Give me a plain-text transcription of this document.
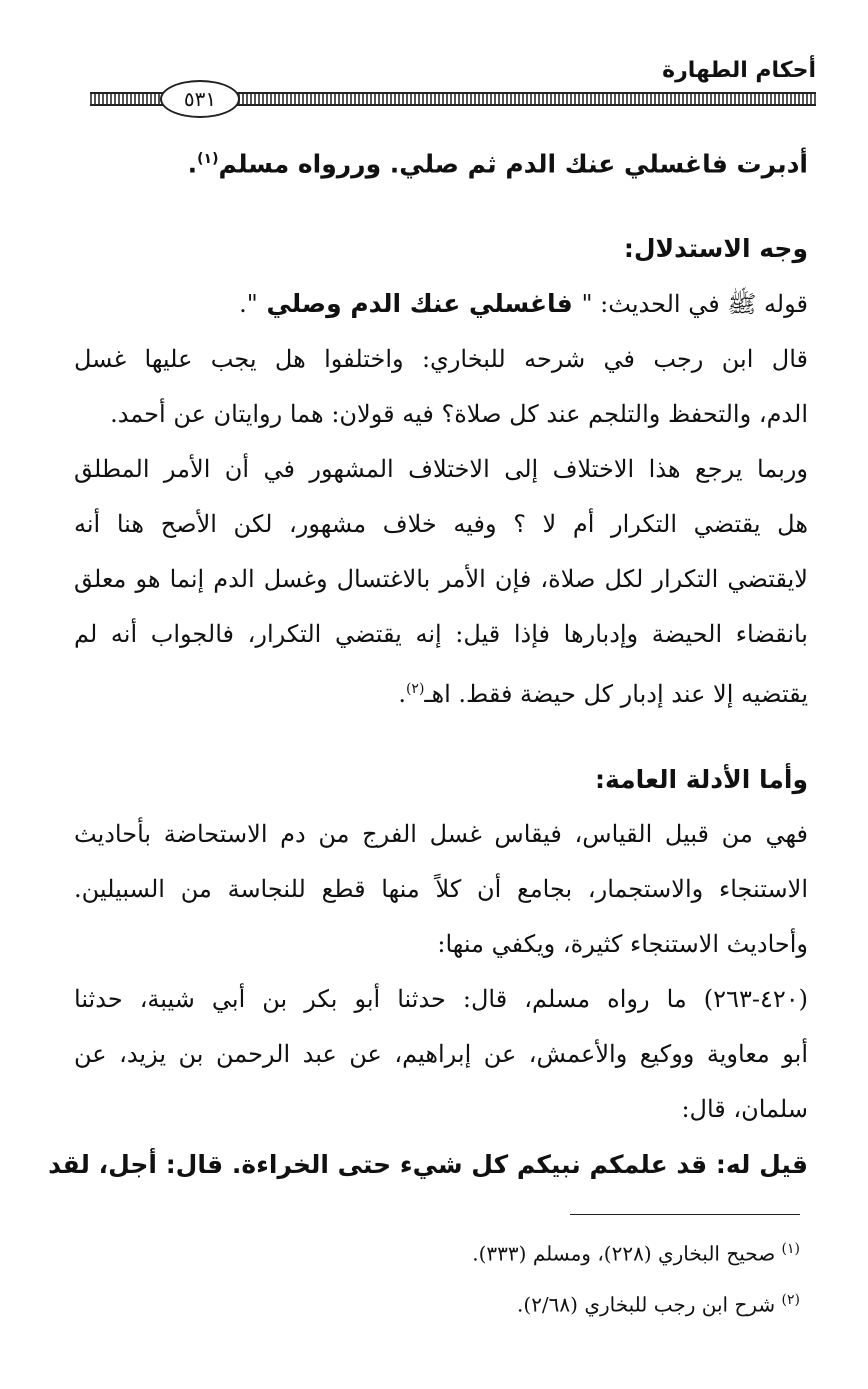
أحكام الطهارة
٥٣١
أدبرت فاغسلي عنك الدم ثم صلي. وررواه مسلم$^{(١)}$.
وجه الاستدلال:
قوله ﷺ في الحديث: " فاغسلي عنك الدم وصلي ".
قال ابن رجب في شرحه للبخاري: واختلفوا هل يجب عليها غسل
الدم، والتحفظ والتلجم عند كل صلاة؟ فيه قولان: هما روايتان عن أحمد.
وربما يرجع هذا الاختلاف إلى الاختلاف المشهور في أن الأمر المطلق
هل يقتضي التكرار أم لا ؟ وفيه خلاف مشهور، لكن الأصح هنا أنه
لايقتضي التكرار لكل صلاة، فإن الأمر بالاغتسال وغسل الدم إنما هو معلق
بانقضاء الحيضة وإدبارها فإذا قيل: إنه يقتضي التكرار، فالجواب أنه لم
يقتضيه إلا عند إدبار كل حيضة فقط. اهـ$^{(٢)}$.
وأما الأدلة العامة:
فهي من قبيل القياس، فيقاس غسل الفرج من دم الاستحاضة بأحاديث
الاستنجاء والاستجمار، بجامع أن كلاً منها قطع للنجاسة من السبيلين.
وأحاديث الاستنجاء كثيرة، ويكفي منها:
(٤٢٠-٢٦٣) ما رواه مسلم، قال: حدثنا أبو بكر بن أبي شيبة، حدثنا
أبو معاوية ووكيع والأعمش، عن إبراهيم، عن عبد الرحمن بن يزيد، عن
سلمان، قال:
قيل له: قد علمكم نبيكم كل شيء حتى الخراءة. قال: أجل، لقد
$^{(١)}$ صحيح البخاري (٢٢٨)، ومسلم (٣٣٣).
$^{(٢)}$ شرح ابن رجب للبخاري (٢/٦٨).
